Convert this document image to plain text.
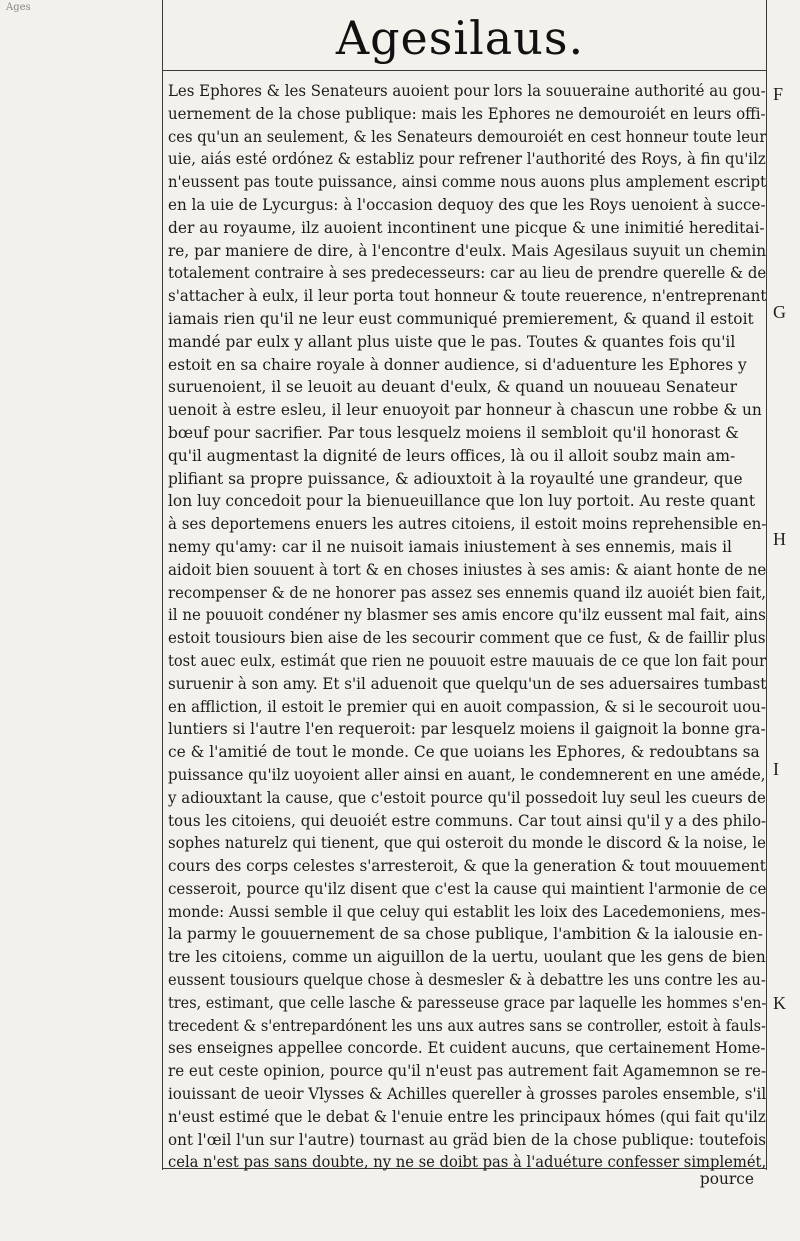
Ages
Agesilaus.
Les Ephores & les Senateurs auoient pour lors la souueraine authorité au gou-
uernement de la chose publique: mais les Ephores ne demouroiét en leurs offi-
ces qu'un an seulement, & les Senateurs demouroiét en cest honneur toute leur
uie, aiás esté ordónez & establiz pour refrener l'authorité des Roys, à fin qu'ilz
n'eussent pas toute puissance, ainsi comme nous auons plus amplement escript
en la uie de Lycurgus: à l'occasion dequoy des que les Roys uenoient à succe-
der au royaume, ilz auoient incontinent une picque & une inimitié hereditai-
re, par maniere de dire, à l'encontre d'eulx. Mais Agesilaus suyuit un chemin
totalement contraire à ses predecesseurs: car au lieu de prendre querelle & de
s'attacher à eulx, il leur porta tout honneur & toute reuerence, n'entreprenant
iamais rien qu'il ne leur eust communiqué premierement, & quand il estoit
mandé par eulx y allant plus uiste que le pas. Toutes & quantes fois qu'il
estoit en sa chaire royale à donner audience, si d'aduenture les Ephores y
suruenoient, il se leuoit au deuant d'eulx, & quand un nouueau Senateur
uenoit à estre esleu, il leur enuoyoit par honneur à chascun une robbe & un
bœuf pour sacrifier. Par tous lesquelz moiens il sembloit qu'il honorast &
qu'il augmentast la dignité de leurs offices, là ou il alloit soubz main am-
plifiant sa propre puissance, & adiouxtoit à la royaulté une grandeur, que
lon luy concedoit pour la bienueuillance que lon luy portoit. Au reste quant
à ses deportemens enuers les autres citoiens, il estoit moins reprehensible en-
nemy qu'amy: car il ne nuisoit iamais iniustement à ses ennemis, mais il
aidoit bien souuent à tort & en choses iniustes à ses amis: & aiant honte de ne
recompenser & de ne honorer pas assez ses ennemis quand ilz auoiét bien fait,
il ne pouuoit condéner ny blasmer ses amis encore qu'ilz eussent mal fait, ains
estoit tousiours bien aise de les secourir comment que ce fust, & de faillir plus
tost auec eulx, estimát que rien ne pouuoit estre mauuais de ce que lon fait pour
suruenir à son amy. Et s'il aduenoit que quelqu'un de ses aduersaires tumbast
en affliction, il estoit le premier qui en auoit compassion, & si le secouroit uou-
luntiers si l'autre l'en requeroit: par lesquelz moiens il gaignoit la bonne gra-
ce & l'amitié de tout le monde. Ce que uoians les Ephores, & redoubtans sa
puissance qu'ilz uoyoient aller ainsi en auant, le condemnerent en une améde,
y adiouxtant la cause, que c'estoit pource qu'il possedoit luy seul les cueurs de
tous les citoiens, qui deuoiét estre communs. Car tout ainsi qu'il y a des philo-
sophes naturelz qui tienent, que qui osteroit du monde le discord & la noise, le
cours des corps celestes s'arresteroit, & que la generation & tout mouuement
cesseroit, pource qu'ilz disent que c'est la cause qui maintient l'armonie de ce
monde: Aussi semble il que celuy qui establit les loix des Lacedemoniens, mes-
la parmy le gouuernement de sa chose publique, l'ambition & la ialousie en-
tre les citoiens, comme un aiguillon de la uertu, uoulant que les gens de bien
eussent tousiours quelque chose à desmesler & à debattre les uns contre les au-
tres, estimant, que celle lasche & paresseuse grace par laquelle les hommes s'en-
trecedent & s'entrepardónent les uns aux autres sans se controller, estoit à fauls-
ses enseignes appellee concorde. Et cuident aucuns, que certainement Home-
re eut ceste opinion, pource qu'il n'eust pas autrement fait Agamemnon se re-
iouissant de ueoir Vlysses & Achilles quereller à grosses paroles ensemble, s'il
n'eust estimé que le debat & l'enuie entre les principaux hómes (qui fait qu'ilz
ont l'œil l'un sur l'autre) tournast au gräd bien de la chose publique: toutefois
cela n'est pas sans doubte, ny ne se doibt pas à l'aduéture confesser simplemét,
F
G
H
I
K
pource
